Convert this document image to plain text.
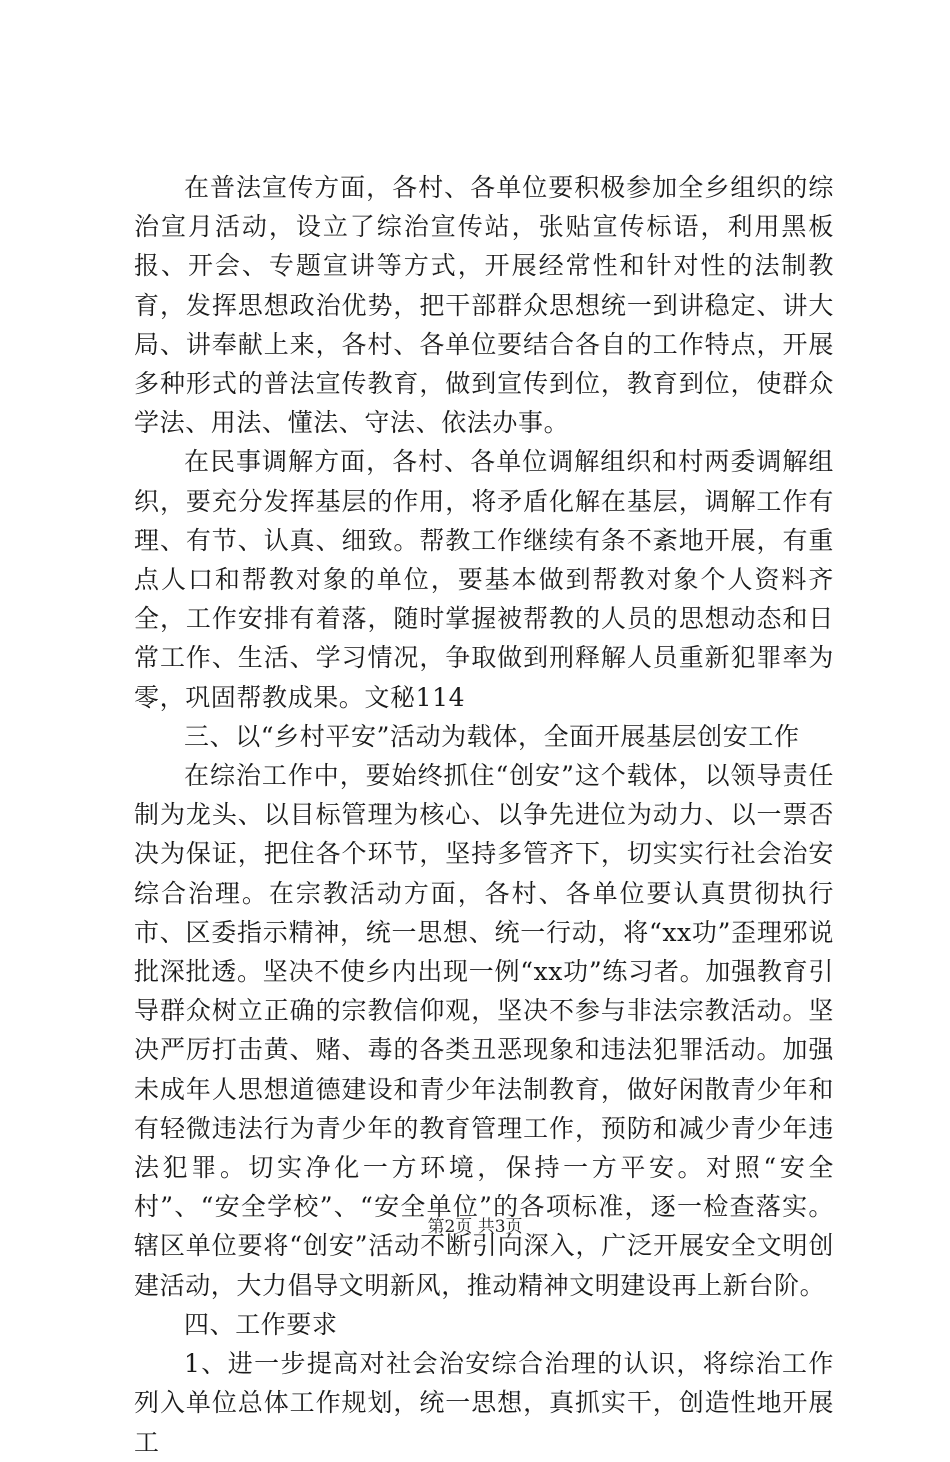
在普法宣传方面，各村、各单位要积极参加全乡组织的综治宣月活动，设立了综治宣传站，张贴宣传标语，利用黑板报、开会、专题宣讲等方式，开展经常性和针对性的法制教育，发挥思想政治优势，把干部群众思想统一到讲稳定、讲大局、讲奉献上来，各村、各单位要结合各自的工作特点，开展多种形式的普法宣传教育，做到宣传到位，教育到位，使群众学法、用法、懂法、守法、依法办事。

在民事调解方面，各村、各单位调解组织和村两委调解组织，要充分发挥基层的作用，将矛盾化解在基层，调解工作有理、有节、认真、细致。帮教工作继续有条不紊地开展，有重点人口和帮教对象的单位，要基本做到帮教对象个人资料齐全，工作安排有着落，随时掌握被帮教的人员的思想动态和日常工作、生活、学习情况，争取做到刑释解人员重新犯罪率为零，巩固帮教成果。文秘114

三、以“乡村平安”活动为载体，全面开展基层创安工作

在综治工作中，要始终抓住“创安”这个载体，以领导责任制为龙头、以目标管理为核心、以争先进位为动力、以一票否决为保证，把住各个环节，坚持多管齐下，切实实行社会治安综合治理。在宗教活动方面，各村、各单位要认真贯彻执行市、区委指示精神，统一思想、统一行动，将“xx功”歪理邪说批深批透。坚决不使乡内出现一例“xx功”练习者。加强教育引导群众树立正确的宗教信仰观，坚决不参与非法宗教活动。坚决严厉打击黄、赌、毒的各类丑恶现象和违法犯罪活动。加强未成年人思想道德建设和青少年法制教育，做好闲散青少年和有轻微违法行为青少年的教育管理工作，预防和减少青少年违法犯罪。切实净化一方环境，保持一方平安。对照“安全村”、“安全学校”、“安全单位”的各项标准，逐一检查落实。辖区单位要将“创安”活动不断引向深入，广泛开展安全文明创建活动，大力倡导文明新风，推动精神文明建设再上新台阶。

四、工作要求

1、进一步提高对社会治安综合治理的认识，将综治工作列入单位总体工作规划，统一思想，真抓实干，创造性地开展工

第2页 共3页
